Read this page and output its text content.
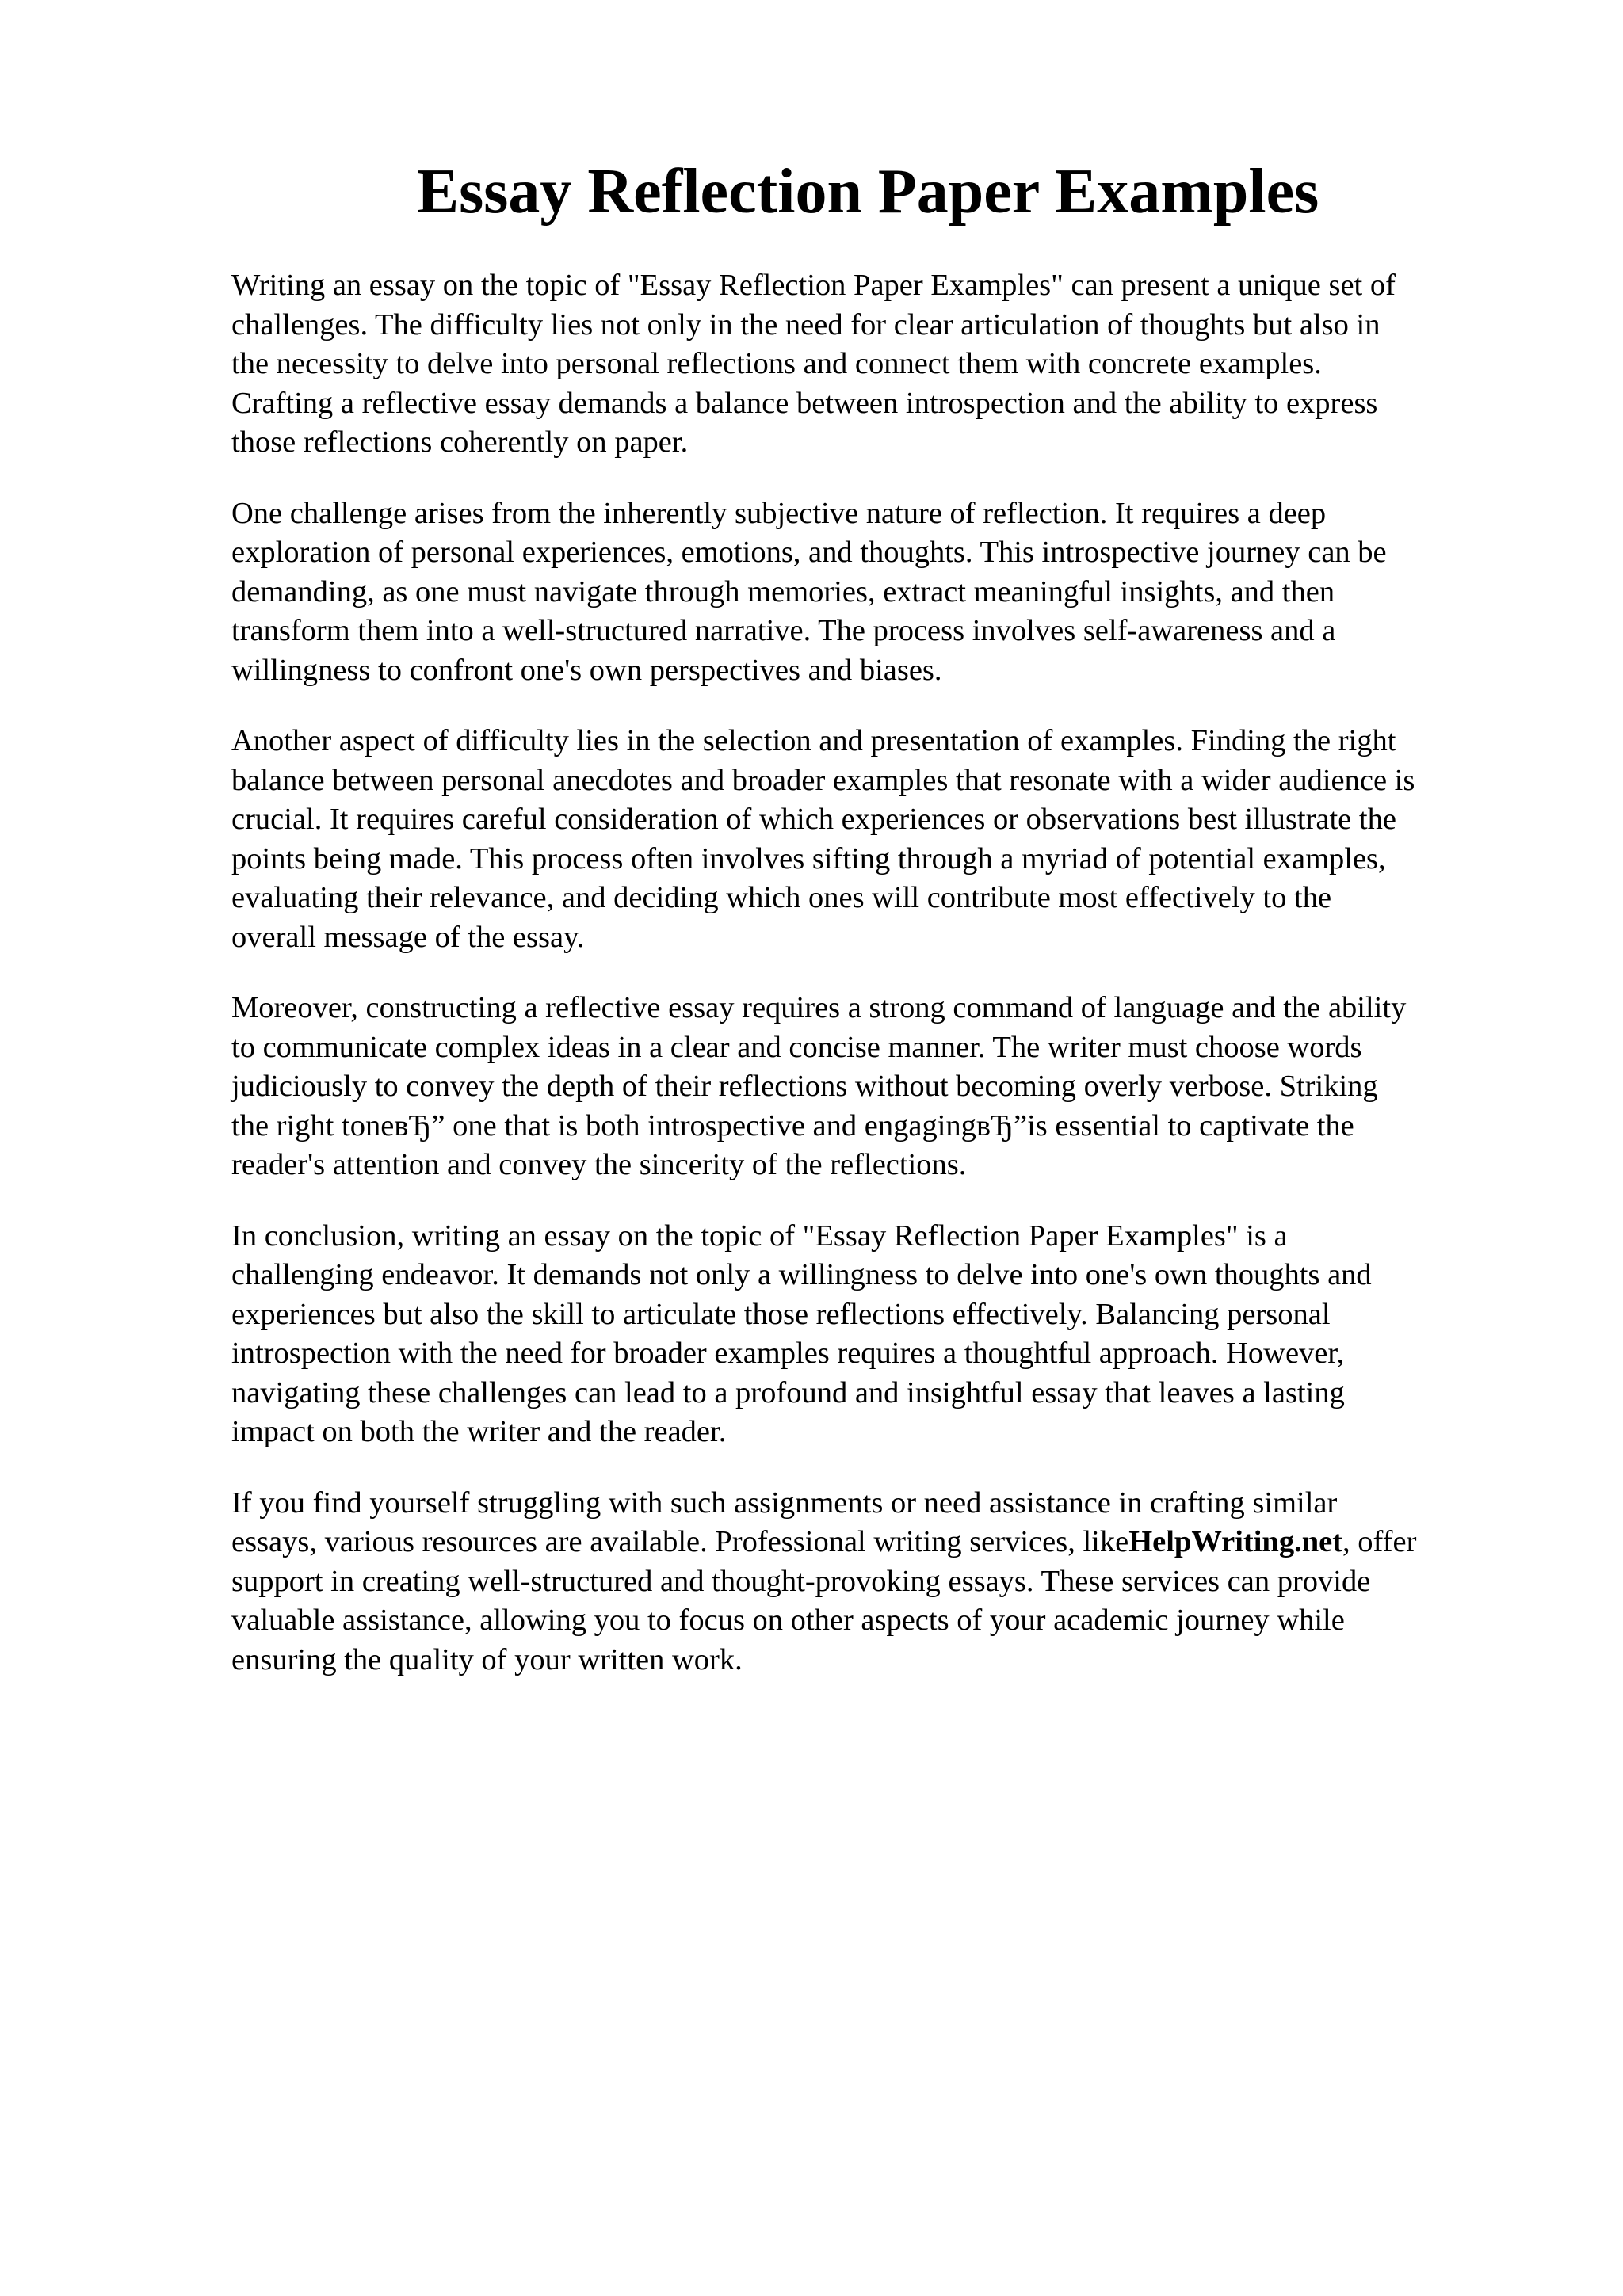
Essay Reflection Paper Examples

Writing an essay on the topic of "Essay Reflection Paper Examples" can present a unique set of
challenges. The difficulty lies not only in the need for clear articulation of thoughts but also in
the necessity to delve into personal reflections and connect them with concrete examples.
Crafting a reflective essay demands a balance between introspection and the ability to express
those reflections coherently on paper.

One challenge arises from the inherently subjective nature of reflection. It requires a deep
exploration of personal experiences, emotions, and thoughts. This introspective journey can be
demanding, as one must navigate through memories, extract meaningful insights, and then
transform them into a well-structured narrative. The process involves self-awareness and a
willingness to confront one's own perspectives and biases.

Another aspect of difficulty lies in the selection and presentation of examples. Finding the right
balance between personal anecdotes and broader examples that resonate with a wider audience is
crucial. It requires careful consideration of which experiences or observations best illustrate the
points being made. This process often involves sifting through a myriad of potential examples,
evaluating their relevance, and deciding which ones will contribute most effectively to the
overall message of the essay.

Moreover, constructing a reflective essay requires a strong command of language and the ability
to communicate complex ideas in a clear and concise manner. The writer must choose words
judiciously to convey the depth of their reflections without becoming overly verbose. Striking
the right toneвЂ” one that is both introspective and engagingвЂ”is essential to captivate the
reader's attention and convey the sincerity of the reflections.

In conclusion, writing an essay on the topic of "Essay Reflection Paper Examples" is a
challenging endeavor. It demands not only a willingness to delve into one's own thoughts and
experiences but also the skill to articulate those reflections effectively. Balancing personal
introspection with the need for broader examples requires a thoughtful approach. However,
navigating these challenges can lead to a profound and insightful essay that leaves a lasting
impact on both the writer and the reader.

If you find yourself struggling with such assignments or need assistance in crafting similar
essays, various resources are available. Professional writing services, likeHelpWriting.net, offer
support in creating well-structured and thought-provoking essays. These services can provide
valuable assistance, allowing you to focus on other aspects of your academic journey while
ensuring the quality of your written work.
